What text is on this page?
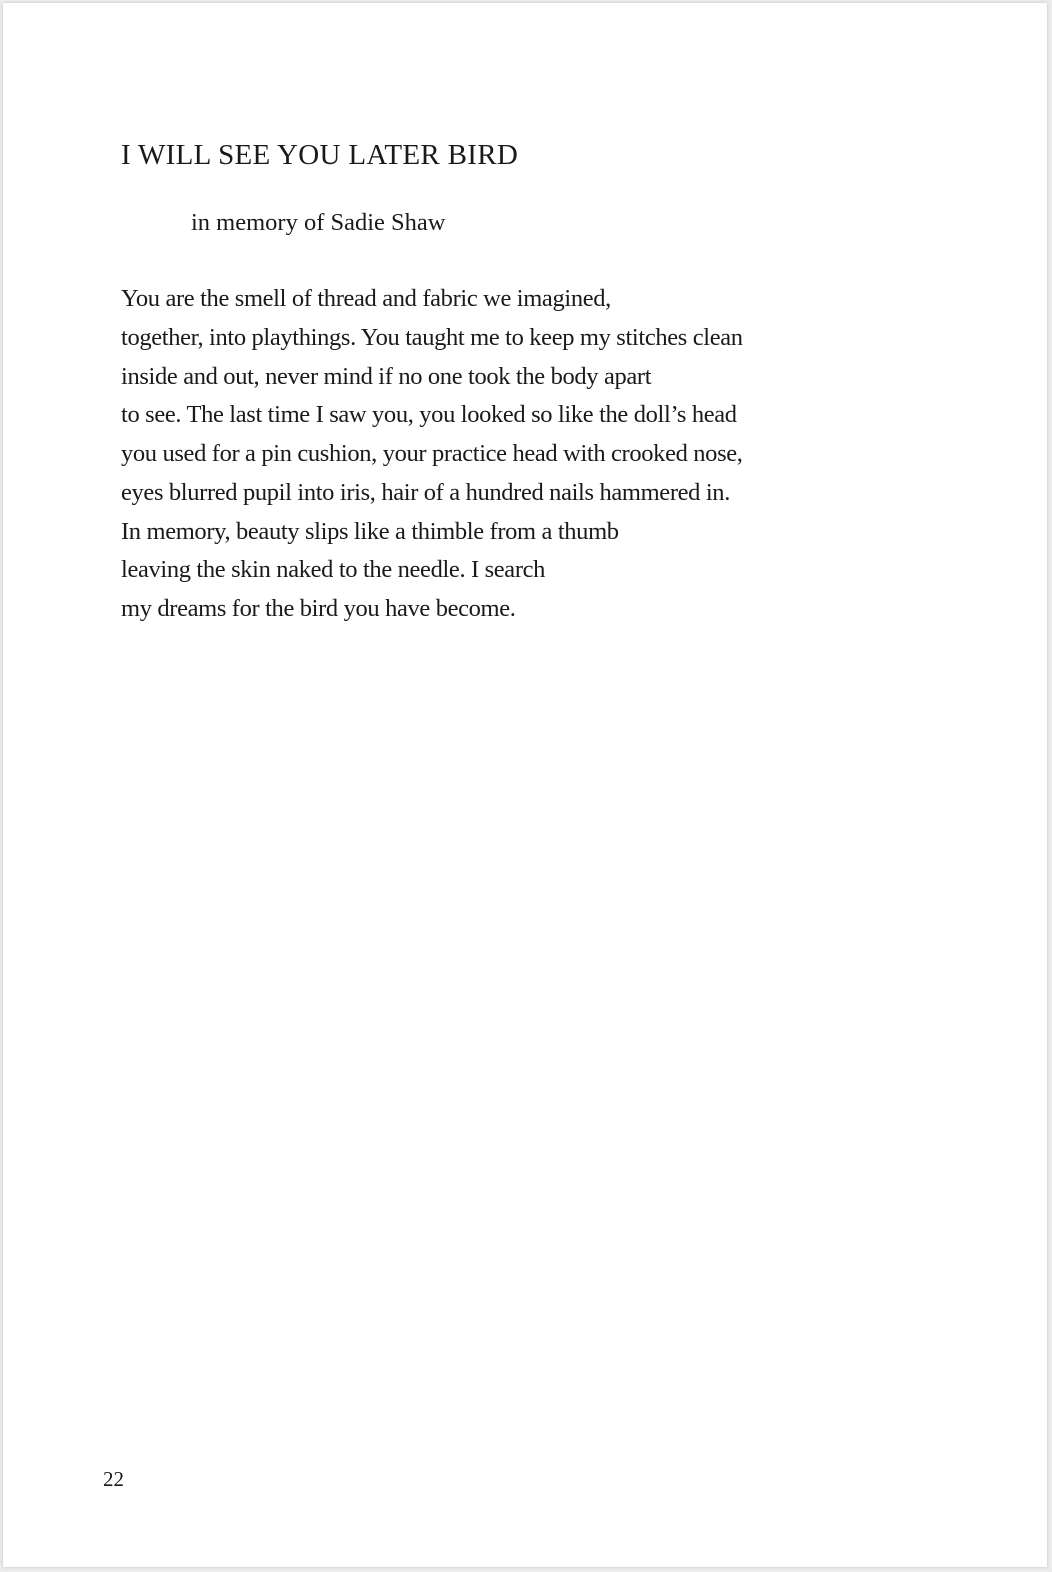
I WILL SEE YOU LATER BIRD
in memory of Sadie Shaw
You are the smell of thread and fabric we imagined,
together, into playthings. You taught me to keep my stitches clean
inside and out, never mind if no one took the body apart
to see. The last time I saw you, you looked so like the doll’s head
you used for a pin cushion, your practice head with crooked nose,
eyes blurred pupil into iris, hair of a hundred nails hammered in.
In memory, beauty slips like a thimble from a thumb
leaving the skin naked to the needle. I search
my dreams for the bird you have become.
22
